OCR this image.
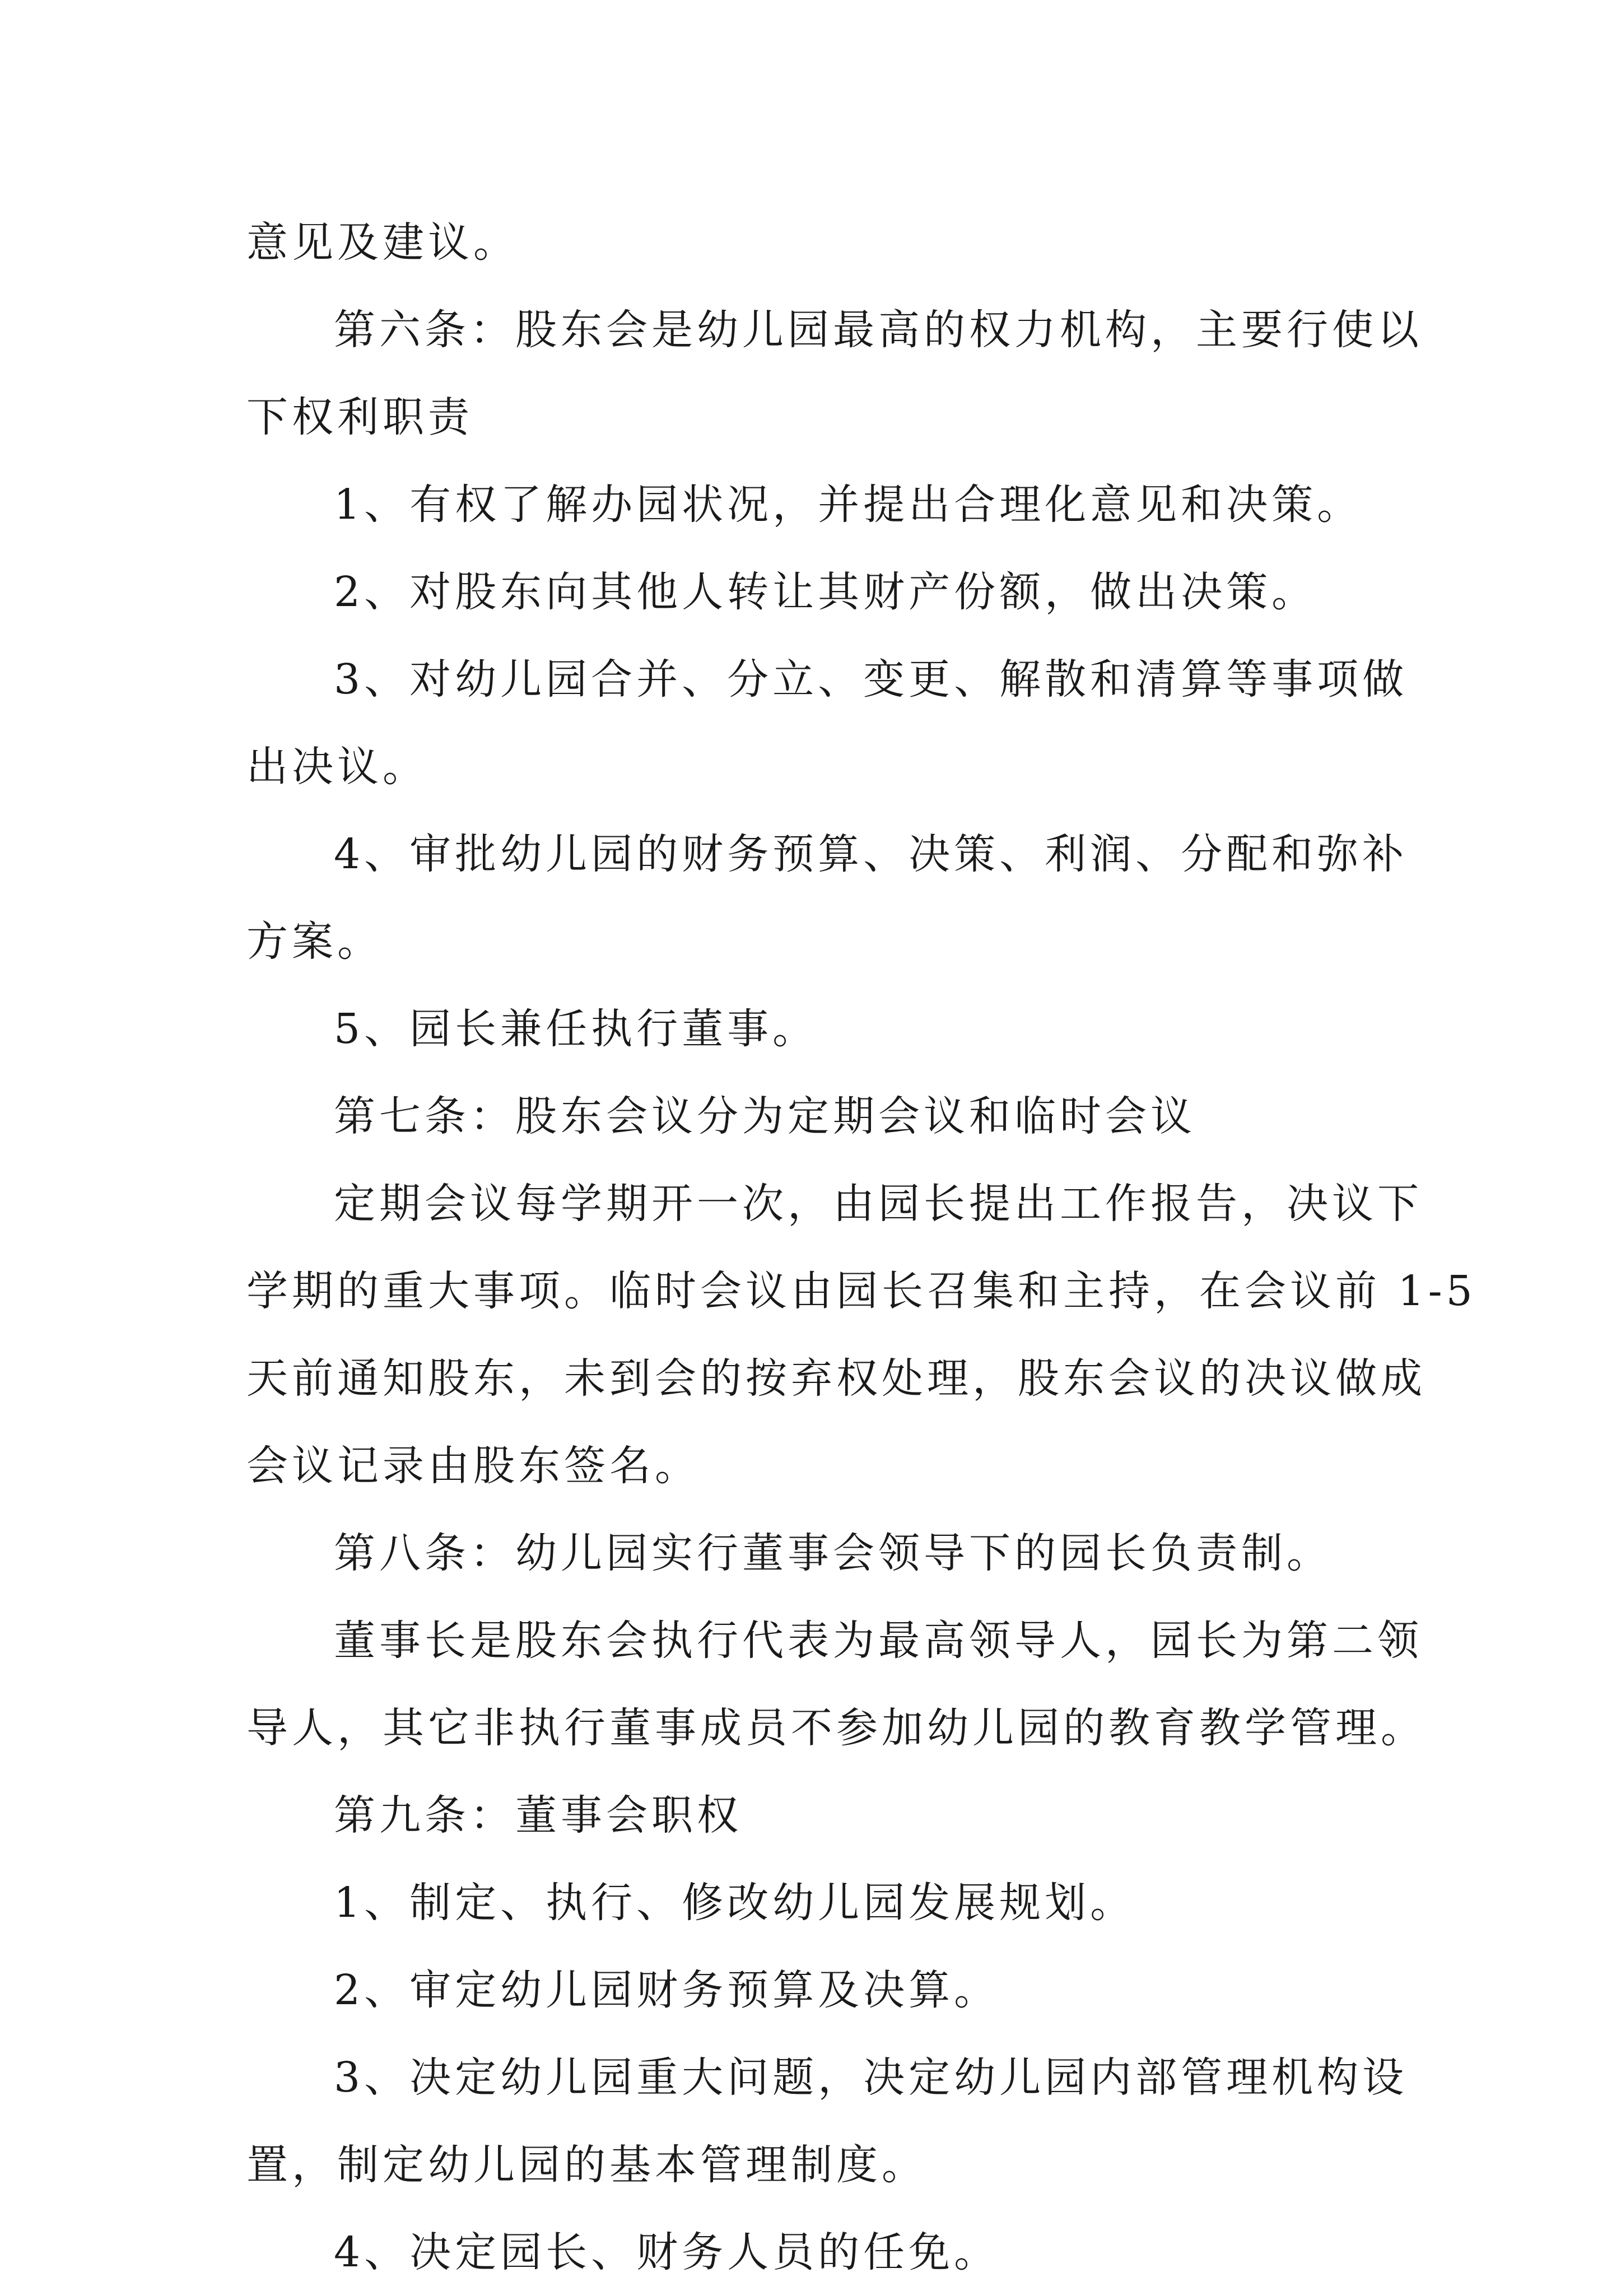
意见及建议。
第六条：股东会是幼儿园最高的权力机构，主要行使以
下权利职责
1、有权了解办园状况，并提出合理化意见和决策。
2、对股东向其他人转让其财产份额，做出决策。
3、对幼儿园合并、分立、变更、解散和清算等事项做
出决议。
4、审批幼儿园的财务预算、决策、利润、分配和弥补
方案。
5、园长兼任执行董事。
第七条：股东会议分为定期会议和临时会议
定期会议每学期开一次，由园长提出工作报告，决议下
学期的重大事项。临时会议由园长召集和主持，在会议前 1-5
天前通知股东，未到会的按弃权处理，股东会议的决议做成
会议记录由股东签名。
第八条：幼儿园实行董事会领导下的园长负责制。
董事长是股东会执行代表为最高领导人，园长为第二领
导人，其它非执行董事成员不参加幼儿园的教育教学管理。
第九条：董事会职权
1、制定、执行、修改幼儿园发展规划。
2、审定幼儿园财务预算及决算。
3、决定幼儿园重大问题，决定幼儿园内部管理机构设
置，制定幼儿园的基本管理制度。
4、决定园长、财务人员的任免。
